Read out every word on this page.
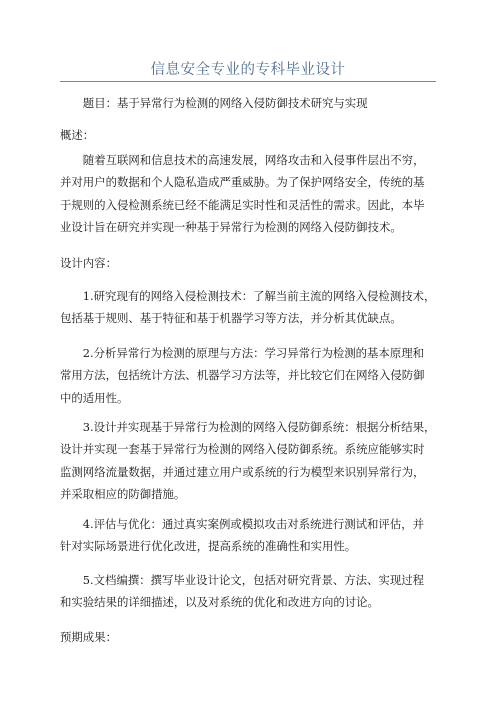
信息安全专业的专科毕业设计

题目：基于异常行为检测的网络入侵防御技术研究与实现

概述：

随着互联网和信息技术的高速发展，网络攻击和入侵事件层出不穷，
并对用户的数据和个人隐私造成严重威胁。为了保护网络安全，传统的基
于规则的入侵检测系统已经不能满足实时性和灵活性的需求。因此，本毕
业设计旨在研究并实现一种基于异常行为检测的网络入侵防御技术。

设计内容：

1.研究现有的网络入侵检测技术：了解当前主流的网络入侵检测技术，
包括基于规则、基于特征和基于机器学习等方法，并分析其优缺点。

2.分析异常行为检测的原理与方法：学习异常行为检测的基本原理和
常用方法，包括统计方法、机器学习方法等，并比较它们在网络入侵防御
中的适用性。

3.设计并实现基于异常行为检测的网络入侵防御系统：根据分析结果，
设计并实现一套基于异常行为检测的网络入侵防御系统。系统应能够实时
监测网络流量数据，并通过建立用户或系统的行为模型来识别异常行为，
并采取相应的防御措施。

4.评估与优化：通过真实案例或模拟攻击对系统进行测试和评估，并
针对实际场景进行优化改进，提高系统的准确性和实用性。

5.文档编撰：撰写毕业设计论文，包括对研究背景、方法、实现过程
和实验结果的详细描述，以及对系统的优化和改进方向的讨论。

预期成果：
